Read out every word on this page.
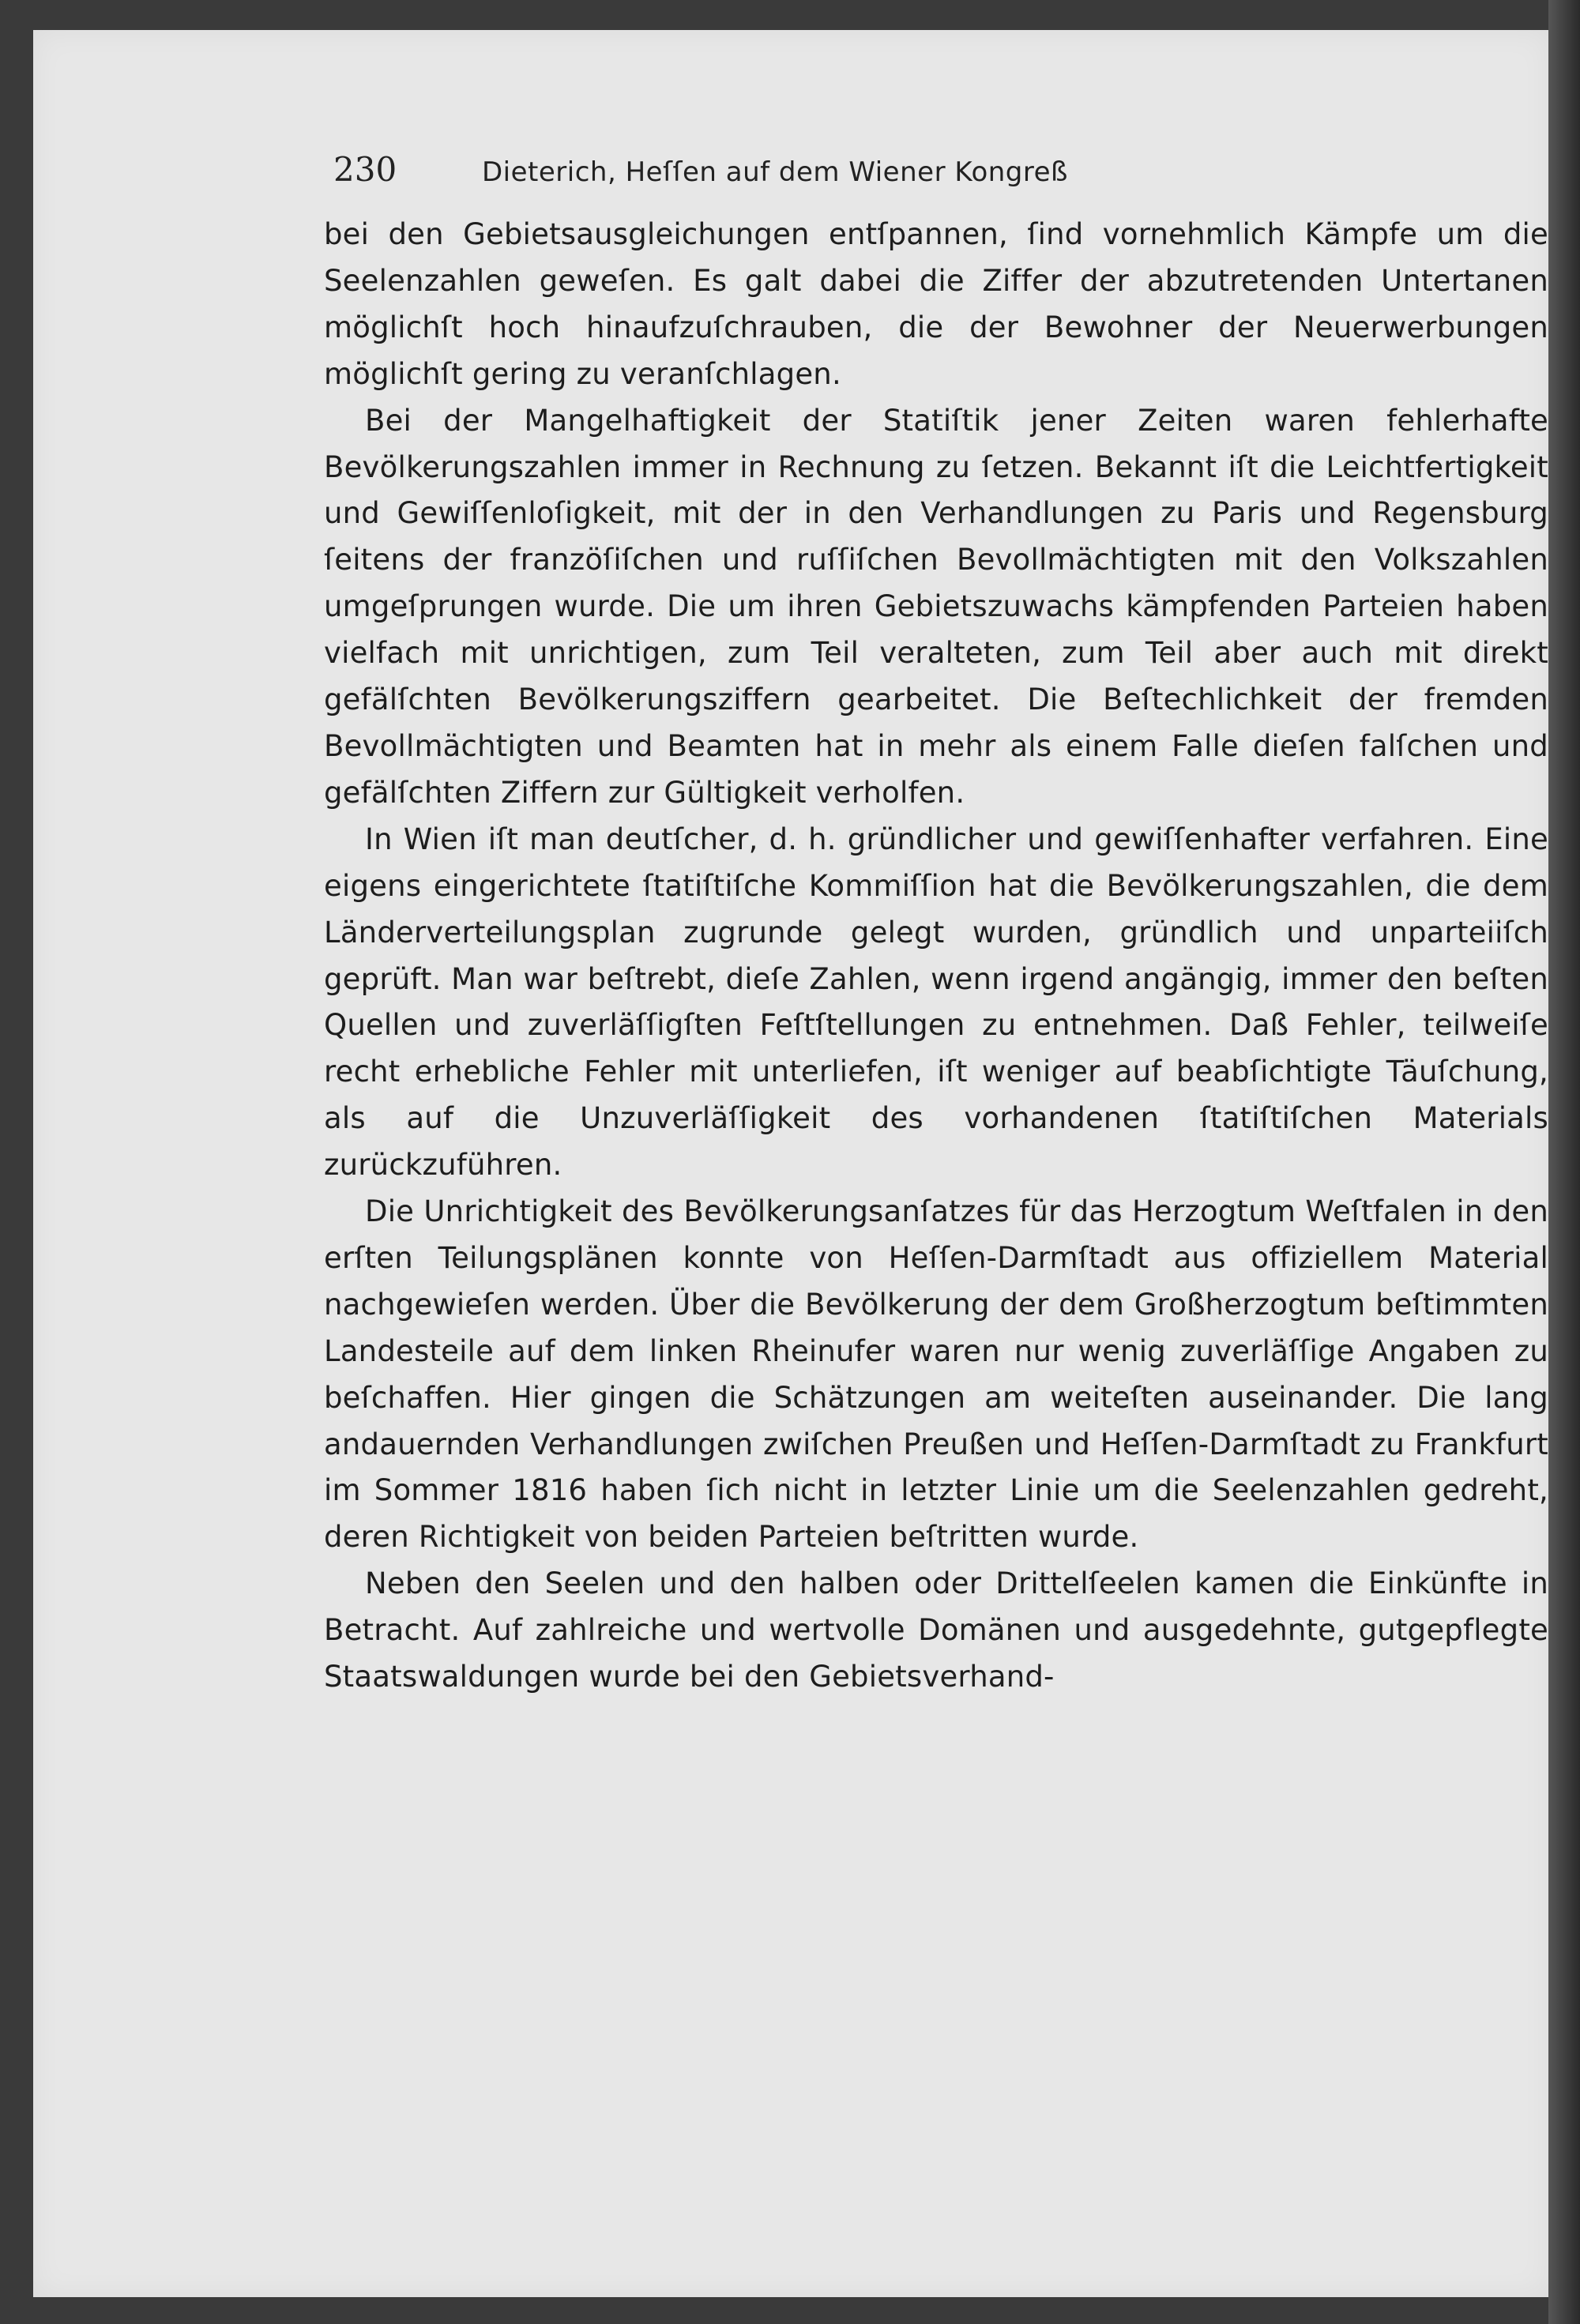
230	Dieterich, Heſſen auf dem Wiener Kongreß

bei den Gebietsausgleichungen entſpannen, ſind vornehmlich Kämpfe um die Seelenzahlen geweſen. Es galt dabei die Ziffer der abzutretenden Untertanen möglichſt hoch hinaufzuſchrauben, die der Bewohner der Neuerwerbungen möglichſt gering zu veranſchlagen.

Bei der Mangelhaftigkeit der Statiſtik jener Zeiten waren fehlerhafte Bevölkerungszahlen immer in Rechnung zu ſetzen. Bekannt iſt die Leichtfertigkeit und Gewiſſenloſigkeit, mit der in den Verhandlungen zu Paris und Regensburg ſeitens der franzöſiſchen und ruſſiſchen Bevollmächtigten mit den Volkszahlen umgeſprungen wurde. Die um ihren Gebietszuwachs kämpfenden Parteien haben vielfach mit unrichtigen, zum Teil veralteten, zum Teil aber auch mit direkt gefälſchten Bevölkerungsziffern gearbeitet. Die Beſtechlichkeit der fremden Bevollmächtigten und Beamten hat in mehr als einem Falle dieſen falſchen und gefälſchten Ziffern zur Gültigkeit verholfen.

In Wien iſt man deutſcher, d. h. gründlicher und gewiſſenhafter verfahren. Eine eigens eingerichtete ſtatiſtiſche Kommiſſion hat die Bevölkerungszahlen, die dem Länderverteilungsplan zugrunde gelegt wurden, gründlich und unparteiiſch geprüft. Man war beſtrebt, dieſe Zahlen, wenn irgend angängig, immer den beſten Quellen und zuverläſſigſten Feſtſtellungen zu entnehmen. Daß Fehler, teilweiſe recht erhebliche Fehler mit unterliefen, iſt weniger auf beabſichtigte Täuſchung, als auf die Unzuverläſſigkeit des vorhandenen ſtatiſtiſchen Materials zurückzuführen.

Die Unrichtigkeit des Bevölkerungsanſatzes für das Herzogtum Weſtfalen in den erſten Teilungsplänen konnte von Heſſen-Darmſtadt aus offiziellem Material nachgewieſen werden. Über die Bevölkerung der dem Großherzogtum beſtimmten Landesteile auf dem linken Rheinufer waren nur wenig zuverläſſige Angaben zu beſchaffen. Hier gingen die Schätzungen am weiteſten auseinander. Die lang andauernden Verhandlungen zwiſchen Preußen und Heſſen-Darmſtadt zu Frankfurt im Sommer 1816 haben ſich nicht in letzter Linie um die Seelenzahlen gedreht, deren Richtigkeit von beiden Parteien beſtritten wurde.

Neben den Seelen und den halben oder Drittelſeelen kamen die Einkünfte in Betracht. Auf zahlreiche und wertvolle Domänen und ausgedehnte, gutgepflegte Staatswaldungen wurde bei den Gebietsverhand-
